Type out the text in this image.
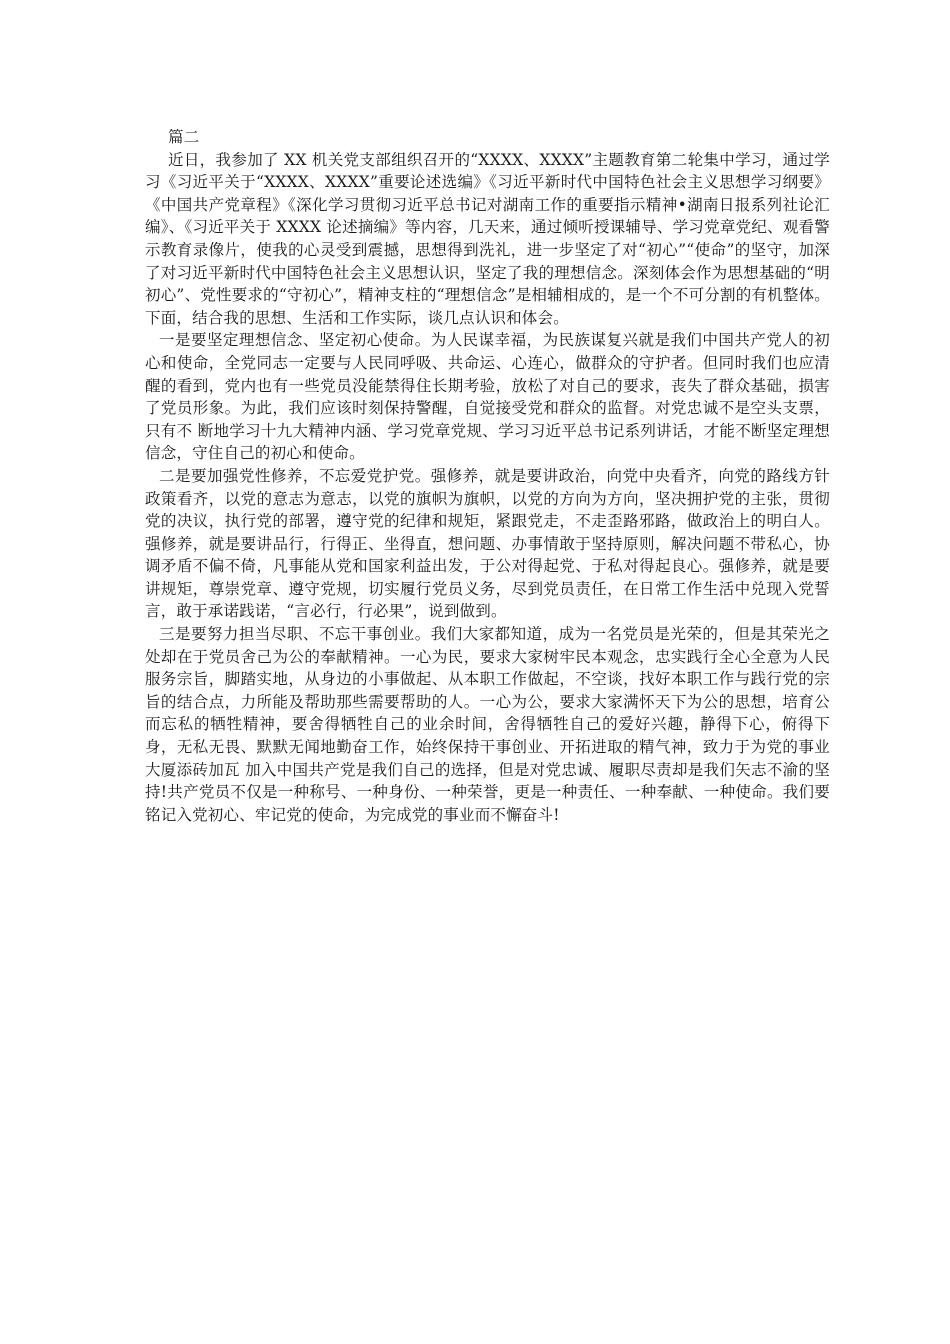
篇二

近日，我参加了 XX 机关党支部组织召开的“XXXX、XXXX”主题教育第二轮集中学习，通过学习《习近平关于“XXXX、XXXX”重要论述选编》《习近平新时代中国特色社会主义思想学习纲要》《中国共产党章程》《深化学习贯彻习近平总书记对湖南工作的重要指示精神•湖南日报系列社论汇编》、《习近平关于 XXXX 论述摘编》等内容，几天来，通过倾听授课辅导、学习党章党纪、观看警示教育录像片，使我的心灵受到震撼，思想得到洗礼，进一步坚定了对“初心”“使命”的坚守，加深了对习近平新时代中国特色社会主义思想认识，坚定了我的理想信念。深刻体会作为思想基础的“明初心”、党性要求的“守初心”，精神支柱的“理想信念”是相辅相成的，是一个不可分割的有机整体。下面，结合我的思想、生活和工作实际，谈几点认识和体会。

一是要坚定理想信念、坚定初心使命。为人民谋幸福，为民族谋复兴就是我们中国共产党人的初心和使命，全党同志一定要与人民同呼吸、共命运、心连心，做群众的守护者。但同时我们也应清醒的看到，党内也有一些党员没能禁得住长期考验，放松了对自己的要求，丧失了群众基础，损害了党员形象。为此，我们应该时刻保持警醒，自觉接受党和群众的监督。对党忠诚不是空头支票，只有不 断地学习十九大精神内涵、学习党章党规、学习习近平总书记系列讲话，才能不断坚定理想信念，守住自己的初心和使命。

二是要加强党性修养，不忘爱党护党。强修养，就是要讲政治，向党中央看齐，向党的路线方针政策看齐，以党的意志为意志，以党的旗帜为旗帜，以党的方向为方向，坚决拥护党的主张，贯彻党的决议，执行党的部署，遵守党的纪律和规矩，紧跟党走，不走歪路邪路，做政治上的明白人。强修养，就是要讲品行，行得正、坐得直，想问题、办事情敢于坚持原则，解决问题不带私心，协调矛盾不偏不倚，凡事能从党和国家利益出发，于公对得起党、于私对得起良心。强修养，就是要讲规矩，尊崇党章、遵守党规，切实履行党员义务，尽到党员责任，在日常工作生活中兑现入党誓言，敢于承诺践诺，“言必行，行必果”，说到做到。

三是要努力担当尽职、不忘干事创业。我们大家都知道，成为一名党员是光荣的，但是其荣光之处却在于党员舍己为公的奉献精神。一心为民，要求大家树牢民本观念，忠实践行全心全意为人民服务宗旨，脚踏实地，从身边的小事做起、从本职工作做起，不空谈，找好本职工作与践行党的宗旨的结合点，力所能及帮助那些需要帮助的人。一心为公，要求大家满怀天下为公的思想，培育公而忘私的牺牲精神，要舍得牺牲自己的业余时间，舍得牺牲自己的爱好兴趣，静得下心，俯得下身，无私无畏、默默无闻地勤奋工作，始终保持干事创业、开拓进取的精气神，致力于为党的事业大厦添砖加瓦 加入中国共产党是我们自己的选择，但是对党忠诚、履职尽责却是我们矢志不渝的坚持!共产党员不仅是一种称号、一种身份、一种荣誉，更是一种责任、一种奉献、一种使命。我们要铭记入党初心、牢记党的使命，为完成党的事业而不懈奋斗!
